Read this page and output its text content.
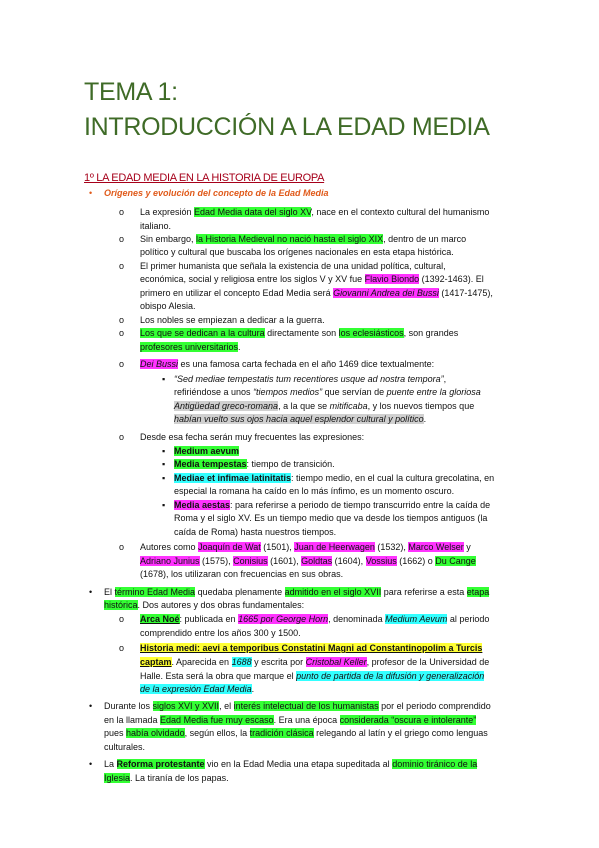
TEMA 1:
INTRODUCCIÓN A LA EDAD MEDIA
1º LA EDAD MEDIA EN LA HISTORIA DE EUROPA
• Orígenes y evolución del concepto de la Edad Media
o La expresión Edad Media data del siglo XV, nace en el contexto cultural del humanismo
italiano.
o Sin embargo, la Historia Medieval no nació hasta el siglo XIX, dentro de un marco
político y cultural que buscaba los orígenes nacionales en esta etapa histórica.
o El primer humanista que señala la existencia de una unidad política, cultural,
económica, social y religiosa entre los siglos V y XV fue Flavio Biondo (1392-1463). El
primero en utilizar el concepto Edad Media será Giovanni Andrea dei Bussi (1417-1475),
obispo Alesia.
o Los nobles se empiezan a dedicar a la guerra.
o Los que se dedican a la cultura directamente son los eclesiásticos, son grandes
profesores universitarios.
o Dei Bussi es una famosa carta fechada en el año 1469 dice textualmente:
▪ “Sed mediae tempestatis tum recentiores usque ad nostra tempora”,
refiriéndose a unos “tiempos medios” que servían de puente entre la gloriosa
Antigüedad greco-romana, a la que se mitificaba, y los nuevos tiempos que
habían vuelto sus ojos hacia aquel esplendor cultural y político.
o Desde esa fecha serán muy frecuentes las expresiones:
▪ Medium aevum
▪ Media tempestas: tiempo de transición.
▪ Mediae et infimae latinitatis: tiempo medio, en el cual la cultura grecolatina, en
especial la romana ha caído en lo más ínfimo, es un momento oscuro.
▪ Media aestas: para referirse a periodo de tiempo transcurrido entre la caída de
Roma y el siglo XV. Es un tiempo medio que va desde los tiempos antiguos (la
caída de Roma) hasta nuestros tiempos.
o Autores como Joaquín de Wat (1501), Juan de Heerwagen (1532), Marco Welser y
Adriano Junius (1575), Conisius (1601), Goldtas (1604), Vossius (1662) o Du Cange
(1678), los utilizaran con frecuencias en sus obras.
• El término Edad Media quedaba plenamente admitido en el siglo XVII para referirse a esta etapa
histórica. Dos autores y dos obras fundamentales:
o Arca Noé: publicada en 1665 por George Horn, denominada Medium Aevum al periodo
comprendido entre los años 300 y 1500.
o Historia medi: aevi a temporibus Constatini Magni ad Constantinopolim a Turcis
captam. Aparecida en 1688 y escrita por Cristobal Keller, profesor de la Universidad de
Halle. Esta será la obra que marque el punto de partida de la difusión y generalización
de la expresión Edad Media.
• Durante los siglos XVI y XVII, el interés intelectual de los humanistas por el periodo comprendido
en la llamada Edad Media fue muy escaso. Era una época considerada “oscura e intolerante”
pues había olvidado, según ellos, la tradición clásica relegando al latín y el griego como lenguas
culturales.
• La Reforma protestante vio en la Edad Media una etapa supeditada al dominio tiránico de la
Iglesia. La tiranía de los papas.
